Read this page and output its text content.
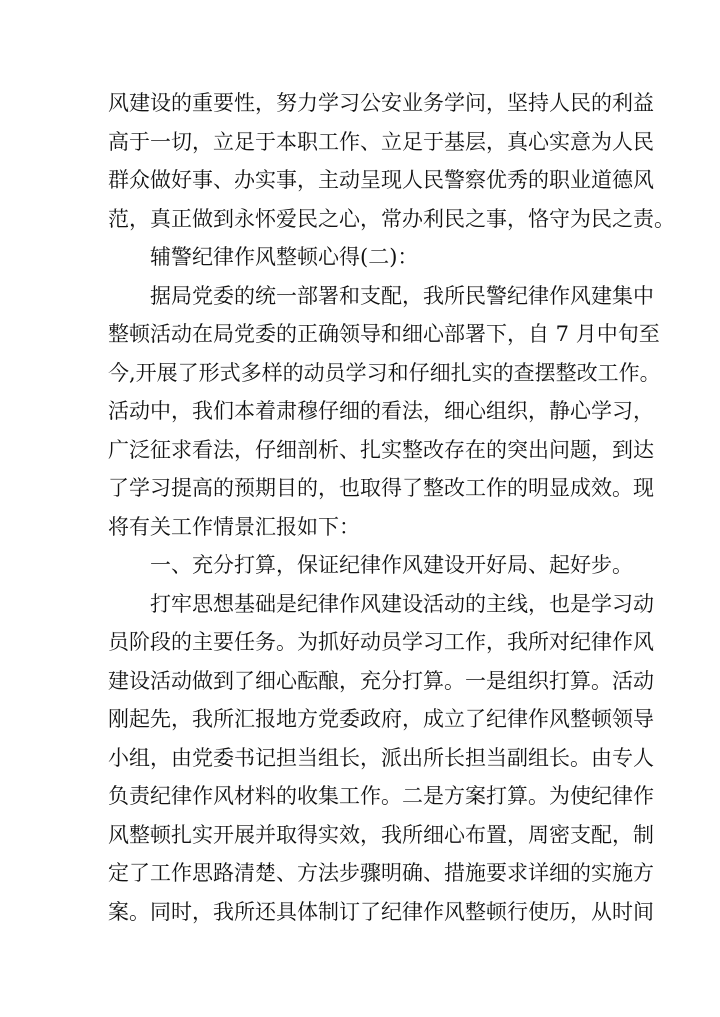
风建设的重要性，努力学习公安业务学问，坚持人民的利益
高于一切，立足于本职工作、立足于基层，真心实意为人民
群众做好事、办实事，主动呈现人民警察优秀的职业道德风
范，真正做到永怀爱民之心，常办利民之事，恪守为民之责。
辅警纪律作风整顿心得(二)：
据局党委的统一部署和支配，我所民警纪律作风建集中
整顿活动在局党委的正确领导和细心部署下，自 7 月中旬至
今,开展了形式多样的动员学习和仔细扎实的查摆整改工作。
活动中，我们本着肃穆仔细的看法，细心组织，静心学习，
广泛征求看法，仔细剖析、扎实整改存在的突出问题，到达
了学习提高的预期目的，也取得了整改工作的明显成效。现
将有关工作情景汇报如下：
一、充分打算，保证纪律作风建设开好局、起好步。
打牢思想基础是纪律作风建设活动的主线，也是学习动
员阶段的主要任务。为抓好动员学习工作，我所对纪律作风
建设活动做到了细心酝酿，充分打算。一是组织打算。活动
刚起先，我所汇报地方党委政府，成立了纪律作风整顿领导
小组，由党委书记担当组长，派出所长担当副组长。由专人
负责纪律作风材料的收集工作。二是方案打算。为使纪律作
风整顿扎实开展并取得实效，我所细心布置，周密支配，制
定了工作思路清楚、方法步骤明确、措施要求详细的实施方
案。同时，我所还具体制订了纪律作风整顿行使历，从时间
